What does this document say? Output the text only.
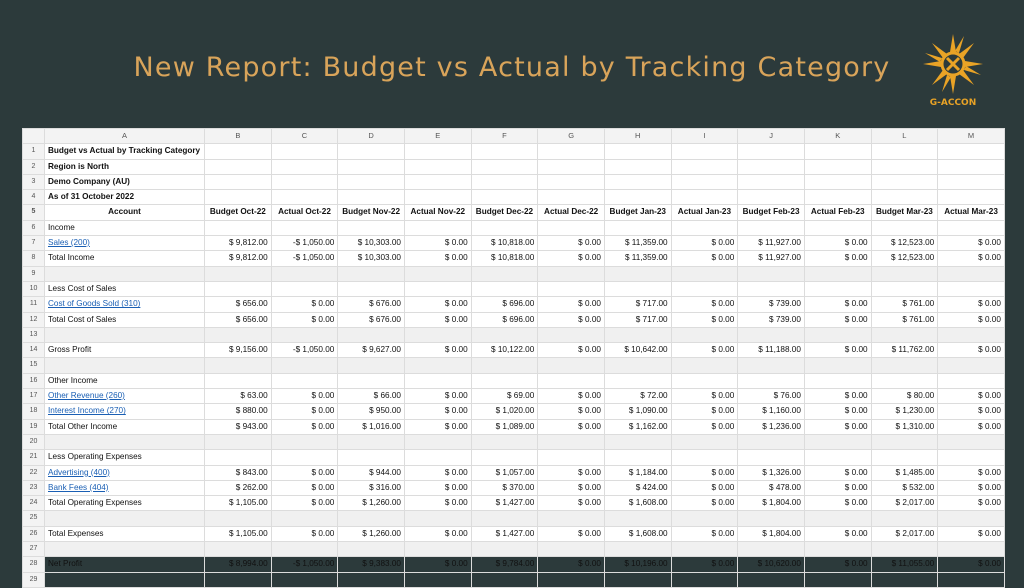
New Report: Budget vs Actual by Tracking Category
G-ACCON
	A	B	C	D	E	F	G	H	I	J	K	L	M
1	Budget vs Actual by Tracking Category												
2	Region is North												
3	Demo Company (AU)												
4	As of 31 October 2022												
5	Account	Budget Oct-22	Actual Oct-22	Budget Nov-22	Actual Nov-22	Budget Dec-22	Actual Dec-22	Budget Jan-23	Actual Jan-23	Budget Feb-23	Actual Feb-23	Budget Mar-23	Actual Mar-23
6	Income												
7	Sales (200)	$ 9,812.00	-$ 1,050.00	$ 10,303.00	$ 0.00	$ 10,818.00	$ 0.00	$ 11,359.00	$ 0.00	$ 11,927.00	$ 0.00	$ 12,523.00	$ 0.00
8	Total Income	$ 9,812.00	-$ 1,050.00	$ 10,303.00	$ 0.00	$ 10,818.00	$ 0.00	$ 11,359.00	$ 0.00	$ 11,927.00	$ 0.00	$ 12,523.00	$ 0.00
9													
10	Less Cost of Sales												
11	Cost of Goods Sold (310)	$ 656.00	$ 0.00	$ 676.00	$ 0.00	$ 696.00	$ 0.00	$ 717.00	$ 0.00	$ 739.00	$ 0.00	$ 761.00	$ 0.00
12	Total Cost of Sales	$ 656.00	$ 0.00	$ 676.00	$ 0.00	$ 696.00	$ 0.00	$ 717.00	$ 0.00	$ 739.00	$ 0.00	$ 761.00	$ 0.00
13													
14	Gross Profit	$ 9,156.00	-$ 1,050.00	$ 9,627.00	$ 0.00	$ 10,122.00	$ 0.00	$ 10,642.00	$ 0.00	$ 11,188.00	$ 0.00	$ 11,762.00	$ 0.00
15													
16	Other Income												
17	Other Revenue (260)	$ 63.00	$ 0.00	$ 66.00	$ 0.00	$ 69.00	$ 0.00	$ 72.00	$ 0.00	$ 76.00	$ 0.00	$ 80.00	$ 0.00
18	Interest Income (270)	$ 880.00	$ 0.00	$ 950.00	$ 0.00	$ 1,020.00	$ 0.00	$ 1,090.00	$ 0.00	$ 1,160.00	$ 0.00	$ 1,230.00	$ 0.00
19	Total Other Income	$ 943.00	$ 0.00	$ 1,016.00	$ 0.00	$ 1,089.00	$ 0.00	$ 1,162.00	$ 0.00	$ 1,236.00	$ 0.00	$ 1,310.00	$ 0.00
20													
21	Less Operating Expenses												
22	Advertising (400)	$ 843.00	$ 0.00	$ 944.00	$ 0.00	$ 1,057.00	$ 0.00	$ 1,184.00	$ 0.00	$ 1,326.00	$ 0.00	$ 1,485.00	$ 0.00
23	Bank Fees (404)	$ 262.00	$ 0.00	$ 316.00	$ 0.00	$ 370.00	$ 0.00	$ 424.00	$ 0.00	$ 478.00	$ 0.00	$ 532.00	$ 0.00
24	Total Operating Expenses	$ 1,105.00	$ 0.00	$ 1,260.00	$ 0.00	$ 1,427.00	$ 0.00	$ 1,608.00	$ 0.00	$ 1,804.00	$ 0.00	$ 2,017.00	$ 0.00
25													
26	Total Expenses	$ 1,105.00	$ 0.00	$ 1,260.00	$ 0.00	$ 1,427.00	$ 0.00	$ 1,608.00	$ 0.00	$ 1,804.00	$ 0.00	$ 2,017.00	$ 0.00
27													
28	Net Profit	$ 8,994.00	-$ 1,050.00	$ 9,383.00	$ 0.00	$ 9,784.00	$ 0.00	$ 10,196.00	$ 0.00	$ 10,620.00	$ 0.00	$ 11,055.00	$ 0.00
29													
